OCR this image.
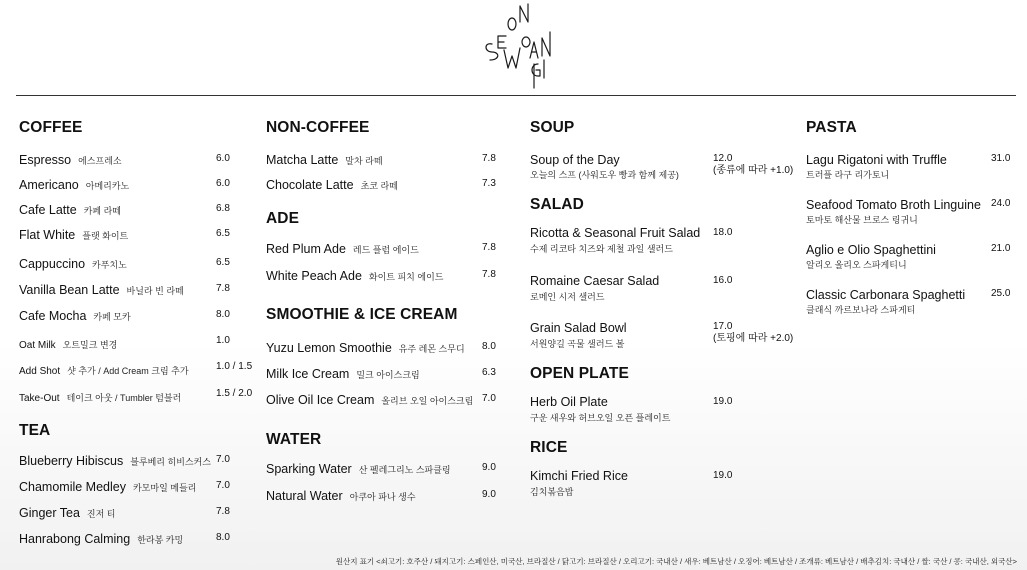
COFFEE
Espresso 에스프레소	6.0
Americano 아메리카노	6.0
Cafe Latte 카페 라떼	6.8
Flat White 플랫 화이트	6.5
Cappuccino 카푸치노	6.5
Vanilla Bean Latte 바닐라 빈 라떼	7.8
Cafe Mocha 카페 모카	8.0
Oat Milk 오트밀크 변경	1.0
Add Shot 샷 추가 / Add Cream 크림 추가	1.0 / 1.5
Take-Out 테이크 아웃 / Tumbler 텀블러	1.5 / 2.0
TEA
Blueberry Hibiscus 블루베리 히비스커스 7.0
Chamomile Medley 카모마일 메들리 7.0
Ginger Tea 진저 티	7.8
Hanrabong Calming 한라봉 카밍	8.0
NON-COFFEE
Matcha Latte 말차 라떼	7.8
Chocolate Latte 초코 라떼	7.3
ADE
Red Plum Ade 레드 플럼 에이드	7.8
White Peach Ade 화이트 피치 에이드	7.8
SMOOTHIE & ICE CREAM
Yuzu Lemon Smoothie 유주 레몬 스무디 8.0
Milk Ice Cream 밀크 아이스크림	6.3
Olive Oil Ice Cream 올리브 오일 아이스크림 7.0
WATER
Sparking Water 산 펠레그리노 스파클링	9.0
Natural Water 아쿠아 파나 생수	9.0
SOUP
Soup of the Day
오늘의 스프 (사워도우 빵과 함께 제공)
12.0
(종류에 따라 +1.0)
SALAD
Ricotta & Seasonal Fruit Salad
수제 리코타 치즈와 제철 과일 샐러드
18.0
Romaine Caesar Salad
로메인 시저 샐러드
16.0
Grain Salad Bowl
서원양길 곡물 샐러드 볼
17.0
(토핑에 따라 +2.0)
OPEN PLATE
Herb Oil Plate
구운 새우와 허브오일 오픈 플레이트
19.0
RICE
Kimchi Fried Rice
김치볶음밥
19.0
PASTA
Lagu Rigatoni with Truffle
트러플 라구 리가토니
31.0
Seafood Tomato Broth Linguine
토마토 해산물 브로스 링귀니
24.0
Aglio e Olio Spaghettini
알리오 올리오 스파게티니
21.0
Classic Carbonara Spaghetti
클래식 까르보나라 스파게티
25.0
원산지 표기 <쇠고기: 호주산 / 돼지고기: 스페인산, 미국산, 브라질산 / 닭고기: 브라질산 / 오리고기: 국내산 / 새우: 베트남산 / 오징어: 베트남산 / 조개류: 베트남산 / 배추김치: 국내산 / 쌀: 국산 / 콩: 국내산, 외국산>
